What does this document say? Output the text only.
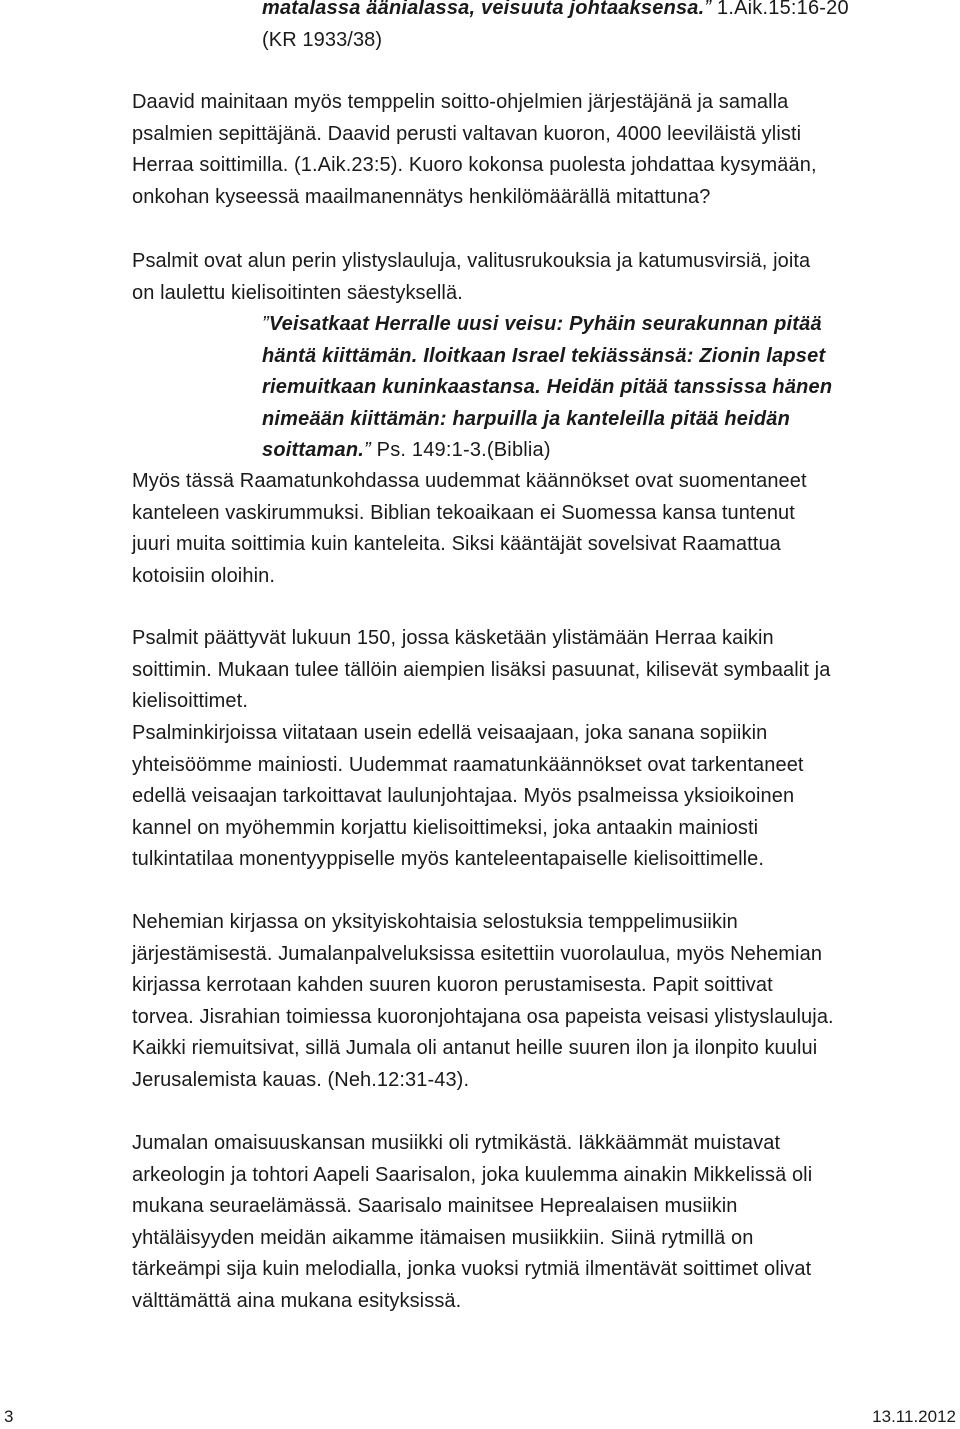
matalassa äänialassa, veisuuta johtaaksensa.” 1.Aik.15:16-20
(KR 1933/38)
Daavid mainitaan myös temppelin soitto-ohjelmien järjestäjänä ja samalla
psalmien sepittäjänä. Daavid perusti valtavan kuoron, 4000 leeviläistä ylisti
Herraa soittimilla. (1.Aik.23:5). Kuoro kokonsa puolesta johdattaa kysymään,
onkohan kyseessä maailmanennätys henkilömäärällä mitattuna?
Psalmit ovat alun perin ylistyslauluja, valitusrukouksia ja katumusvirsiä, joita
on laulettu kielisoitinten säestyksellä.
”Veisatkaat Herralle uusi veisu: Pyhäin seurakunnan pitää
häntä kiittämän. Iloitkaan Israel tekiässänsä: Zionin lapset
riemuitkaan kuninkaastansa. Heidän pitää tanssissa hänen
nimeään kiittämän: harpuilla ja kanteleilla pitää heidän
soittaman.” Ps. 149:1-3.(Biblia)
Myös tässä Raamatunkohdassa uudemmat käännökset ovat suomentaneet
kanteleen vaskirummuksi. Biblian tekoaikaan ei Suomessa kansa tuntenut
juuri muita soittimia kuin kanteleita. Siksi kääntäjät sovelsivat Raamattua
kotoisiin oloihin.
Psalmit päättyvät lukuun 150, jossa käsketään ylistämään Herraa kaikin
soittimin. Mukaan tulee tällöin aiempien lisäksi pasuunat, kilisevät symbaalit ja
kielisoittimet.
Psalminkirjoissa viitataan usein edellä veisaajaan, joka sanana sopiikin
yhteisöömme mainiosti. Uudemmat raamatunkäännökset ovat tarkentaneet
edellä veisaajan tarkoittavat laulunjohtajaa. Myös psalmeissa yksioikoinen
kannel on myöhemmin korjattu kielisoittimeksi, joka antaakin mainiosti
tulkintatilaa monentyyppiselle myös kanteleentapaiselle kielisoittimelle.
Nehemian kirjassa on yksityiskohtaisia selostuksia temppelimusiikin
järjestämisestä. Jumalanpalveluksissa esitettiin vuorolaulua, myös Nehemian
kirjassa kerrotaan kahden suuren kuoron perustamisesta. Papit soittivat
torvea. Jisrahian toimiessa kuoronjohtajana osa papeista veisasi ylistyslauluja.
Kaikki riemuitsivat, sillä Jumala oli antanut heille suuren ilon ja ilonpito kuului
Jerusalemista kauas. (Neh.12:31-43).
Jumalan omaisuuskansan musiikki oli rytmikästä. Iäkkäämmät muistavat
arkeologin ja tohtori Aapeli Saarisalon, joka kuulemma ainakin Mikkelissä oli
mukana seuraelämässä. Saarisalo mainitsee Heprealaisen musiikin
yhtäläisyyden meidän aikamme itämaisen musiikkiin. Siinä rytmillä on
tärkeämpi sija kuin melodialla, jonka vuoksi rytmiä ilmentävät soittimet olivat
välttämättä aina mukana esityksissä.
3	13.11.2012
